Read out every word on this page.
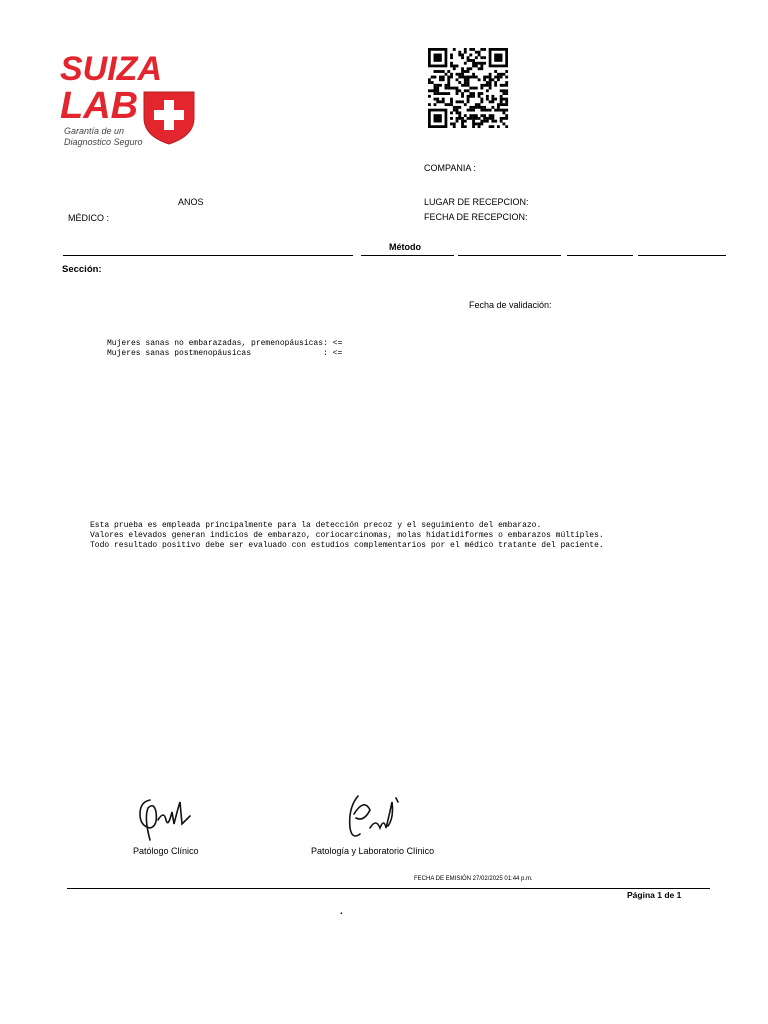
SUIZA
LAB
Garantía de un
Diagnostico Seguro
COMPANIA :
ANOS	LUGAR DE RECEPCION:
MÉDICO :	FECHA DE RECEPCION:
Método
Sección:
Fecha de validación:
Mujeres sanas no embarazadas, premenopáusicas: <=
Mujeres sanas postmenopáusicas               : <=
Esta prueba es empleada principalmente para la detección precoz y el seguimiento del embarazo.
Valores elevados generan indicios de embarazo, coriocarcinomas, molas hidatidiformes o embarazos múltiples.
Todo resultado positivo debe ser evaluado con estudios complementarios por el médico tratante del paciente.
Patólogo Clínico	Patología y Laboratorio Clínico
FECHA DE EMISIÓN 27/02/2025 01:44 p.m.
Página 1 de 1
.
